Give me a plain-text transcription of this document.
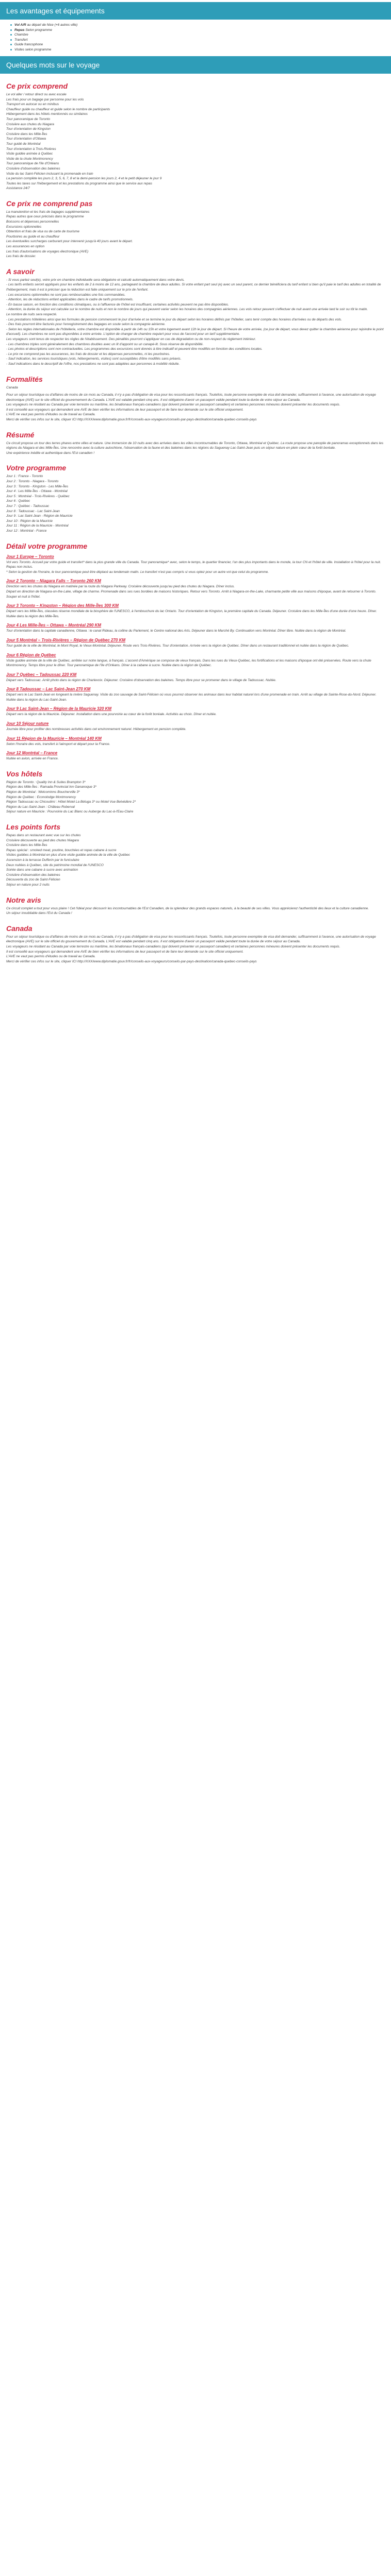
Les avantages et équipements
Vol A/R au départ de Nice (+6 autres ville)
Repas Selon programme
Chambre
Transfert
Guide francophone
Visites selon programme
Quelques mots sur le voyage
Ce prix comprend

Le vol aller / retour direct ou avec escale

Les frais pour un bagage par personne pour les vols

Transport en autocar ou en minibus

Chauffeur guide ou chauffeur et guide selon le nombre de participants

Hébergement dans les hôtels mentionnés ou similaires

Tour panoramique de Toronto

Croisière aux chutes du Niagara

Tour d'orientation de Kingston

Croisière dans les Mille-Îles

Tour d'orientation d'Ottawa

Tour guidé de Montréal

Tour d'orientation à Trois-Rivières

Visite guidée animée à Québec

Visite de la chute Montmorency

Tour panoramique de l'île d'Orléans

Croisière d'observation des baleines

Visite du lac Saint-Félicien inclusant la promenade en train

La pension complète les jours 2, 3, 5, 6, 7, 8 et la demi-pension les jours 2, 4 et le petit déjeuner le jour 9

Toutes les taxes sur l'hébergement et les prestations du programme ainsi que le service aux repas

Assistance 24/7

Ce prix ne comprend pas

La manutention et les frais de bagages supplémentaires

Repas autres que ceux précisés dans le programme

Boissons et dépenses personnelles

Excursions optionnelles

Obtention et frais de visa ou de carte de tourisme

Pourboires au guide et au chauffeur

Les éventuelles surcharges carburant pour intervenir jusqu'à 40 jours avant le départ.

Les assurances en option

Les frais d'autorisations de voyages électronique (AVE)

Les frais de dossier.

A savoir

- Si vous partez seul(e), votre prix en chambre individuelle sera obligatoire et calculé automatiquement dans votre devis.

- Les tarifs enfants seront appliqués pour les enfants de 2 à moins de 12 ans, partageant la chambre de deux adultes. Si votre enfant part seul (e) avec un seul parent, ce dernier bénéficiera du tarif enfant si bien qu'il paie le tarif des adultes en totalité de l'hébergement, mais il est à préciser que la réduction est faite uniquement sur le prix de l'enfant.

- Les excursions optionnelles ne sont pas remboursables une fois commandées.

- Attention, les de réductions enfant applicables dans le cadre de tarifs promotionnels.

- En basse saison, en fonction des conditions climatiques, ou à l'affluence de l'hôtel est insuffisant, certaines activités peuvent ne pas être disponibles.

- Attention, la durée du séjour est calculée sur le nombre de nuits et non le nombre de jours qui peuvent varier selon les horaires des compagnies aériennes. Les vols retour peuvent s'effectuer de nuit avant une arrivée tard le soir ou tôt le matin.

Le nombre de nuits sera respecté.

- Les prestations hôtelières ainsi que les formules de pension commencent le jour d'arrivée et se termine le jour du départ selon les horaires définis par l'hôtelier, sans tenir compte des horaires d'arrivées ou de départs des vols.

- Des frais pourront être facturés pour l'enregistrement des bagages en soute selon la compagnie aérienne.

- Selon les règles internationales de l'hôtellerie, votre chambre est disponible à partir de 14h ou 15h et votre logement avant 12h le jour de départ. Si l'heure de votre arrivée, (ce jour de départ, vous devez quitter la chambre aérienne pour rejoindre le point d'accueil). Les chambres ne sont pas disponibles à votre arrivée. L'option de changer de chambre requiert pour vous de l'accord pour un tarif supplémentaire.

Les voyageurs sont tenus de respecter les règles de l'établissement. Des pénalités pourront s'appliquer en cas de dégradation ou de non-respect du règlement intérieur.

- Les chambres triples sont généralement des chambres doubles avec un lit d'appoint ou un canapé-lit. Sous réserve de disponibilité.

- Les photos et descriptions sont non contractuelles. Les programmes des excursions sont donnés à titre indicatif et peuvent être modifiés en fonction des conditions locales.

- Le prix ne comprend pas les assurances, les frais de dossier et les dépenses personnelles, ni les pourboires.

- Sauf indication, les services touristiques (vols, hébergements, visites) sont susceptibles d'être modifiés sans préavis.

- Sauf indications dans le descriptif de l'offre, nos prestations ne sont pas adaptées aux personnes à mobilité réduite.

Formalités

Canada

Pour un séjour touristique ou d'affaires de moins de six mois au Canada, il n'y a pas d'obligation de visa pour les ressortissants français. Toutefois, toute personne exemptée de visa doit demander, suffisamment à l'avance, une autorisation de voyage électronique (AVE) sur le site officiel du gouvernement du Canada. L'AVE est valable pendant cinq ans. Il est obligatoire d'avoir un passeport valide pendant toute la durée de votre séjour au Canada.

Les voyageurs ne résidant au Canada par voie terrestre ou maritime, les binationaux français-canadiens (qui doivent présenter un passeport canadien) et certaines personnes mineures doivent présenter les documents requis.

Il est conseillé aux voyageurs qui demandent une AVE de bien vérifier les informations de leur passeport et de faire leur demande sur le site officiel uniquement.

L'AVE ne vaut pas permis d'études ou de travail au Canada.

Merci de vérifier ces infos sur le site, cliquer ICI http://XXX/www.diplomatie.gouv.fr/fr/conseils-aux-voyageurs/conseils-par-pays-destination/canada-quebec-conseils-pays

Résumé

Ce circuit propose un tour des terres phares entre villes et nature. Une immersion de 10 nuits avec des arrivées dans les villes incontournables de Toronto, Ottawa, Montréal et Québec. La route propose une panoplie de panoramas exceptionnels dans les régions du Niagara et des Mille-Îles. Une rencontre avec la culture autochtone, l'observation de la faune et des baleines dans les régions du Saguenay Lac-Saint-Jean puis un séjour nature en plein cœur de la forêt boréale.

Une expérience inédite et authentique dans l'Est canadien !

Votre programme

Jour 1 : France - Toronto

Jour 2 : Toronto - Niagara - Toronto

Jour 3 : Toronto - Kingston - Les Mille-Îles

Jour 4 : Les Mille-Îles - Ottawa - Montréal

Jour 5 : Montréal - Trois-Rivières - Québec

Jour 6 : Québec

Jour 7 : Québec - Tadoussac

Jour 8 : Tadoussac - Lac Saint-Jean

Jour 9 : Lac Saint-Jean - Région de Mauricie

Jour 10 : Région de la Mauricie

Jour 11 : Région de la Mauricie - Montréal

Jour 12 : Montréal - France

Détail votre programme
Jour 1 Europe – Toronto

Vol vers Toronto. Accueil par votre guide et transfert* dans la plus grande ville du Canada. Tour panoramique* avec, selon le temps, le quartier financier, l'un des plus importants dans le monde, la tour CN et l'hôtel de ville. Installation à l'hôtel pour la nuit. Repas non inclus.

* Selon la gestion de l'horaire, le tour panoramique peut être déplacé au lendemain matin. Le transfert n'est pas compris si vous optez pour un autre vol que celui du programme.

Jour 2 Toronto – Niagara Falls – Toronto 260 KM

Direction vers les chutes du Niagara en matinée par la route du Niagara Parkway. Croisière découverte jusqu'au pied des chutes du Niagara. Dîner inclus.

Départ en direction de Niagara-on-the-Lake, village de charme. Promenade dans ses rues bordées de maisons historiques. Retour vers Toronto. Arrêt à Niagara-on-the-Lake, charmante petite ville aux maisons d'époque, avant de retourner à Toronto. Souper et nuit à l'hôtel.

Jour 3 Toronto – Kingston – Région des Mille-Îles 300 KM

Départ vers les Mille-Îles, classées réserve mondiale de la biosphère de l'UNESCO, à l'embouchure du lac Ontario. Tour d'orientation de Kingston, la première capitale du Canada. Déjeuner. Croisière dans les Mille-Îles d'une durée d'une heure. Dîner. Nuitée dans la région des Mille-Îles.

Jour 4 Les Mille-Îles – Ottawa – Montréal 290 KM

Tour d'orientation dans la capitale canadienne, Ottawa : le canal Rideau, la colline du Parlement, le Centre national des Arts. Déjeuner dans le Marché By. Continuation vers Montréal. Dîner libre. Nuitée dans la région de Montréal.

Jour 5 Montréal – Trois-Rivières – Région de Québec 270 KM

Tour guidé de la ville de Montréal, le Mont Royal, le Vieux-Montréal. Déjeuner. Route vers Trois-Rivières. Tour d'orientation. Arrivée vers la région de Québec. Dîner dans un restaurant traditionnel et nuitée dans la région de Québec.

Jour 6 Région de Québec

Visite guidée animée de la ville de Québec, arrêtée sur notre langue, à français. L'accent d'Amérique se compose de vieux français. Dans les rues du Vieux-Québec, les fortifications et les maisons d'époque ont été préservées. Route vers la chute Montmorency. Temps libre pour le dîner. Tour panoramique de l'île d'Orléans. Dîner à la cabane à sucre. Nuitée dans la région de Québec.

Jour 7 Québec – Tadoussac 220 KM

Départ vers Tadoussac. Arrêt photo dans la région de Charlevoix. Déjeuner. Croisière d'observation des baleines. Temps libre pour se promener dans le village de Tadoussac. Nuitée.

Jour 8 Tadoussac – Lac Saint-Jean 270 KM

Départ vers le Lac Saint-Jean en longeant la rivière Saguenay. Visite du zoo sauvage de Saint-Félicien où vous pourrez observer les animaux dans leur habitat naturel lors d'une promenade en train. Arrêt au village de Sainte-Rose-du-Nord. Déjeuner. Nuitée dans la région du Lac-Saint-Jean.

Jour 9 Lac Saint-Jean – Région de la Mauricie 320 KM

Départ vers la région de la Mauricie. Déjeuner. Installation dans une pourvoirie au cœur de la forêt boréale. Activités au choix. Dîner et nuitée.

Jour 10 Séjour nature

Journée libre pour profiter des nombreuses activités dans cet environnement naturel. Hébergement en pension complète.

Jour 11 Région de la Mauricie – Montréal 140 KM

Selon l'horaire des vols, transfert à l'aéroport et départ pour la France.

Jour 12 Montréal – France

Nuitée en avion, arrivée en France.

Vos hôtels

Région de Toronto : Quality Inn & Suites Brampton 3*

Région des Mille-Îles : Ramada Provincial Inn Gananoque 3*

Région de Montréal : Welcominns Boucherville 3*

Région de Québec : Econolodge Montmorency

Région Tadoussac ou Chicoutimi : Hôtel Motel La Béluga 3* ou Motel Vue Belvédère 2*

Région du Lac-Saint-Jean : Château Roberval

Séjour nature en Mauricie : Pourvoirie du Lac Blanc ou Auberge du Lac-à-l'Eau-Claire

Les points forts

Repas dans un restaurant avec vue sur les chutes

Croisière découverte au pied des chutes Niagara

Croisière dans les Mille-Îles

Repas spécial : smoked meat, poutine, bouchées et repas cabane à sucre

Visites guidées à Montréal en plus d'une visite guidée animée de la ville de Québec

Ascension à la terrasse Dufferin par le funiculaire

Deux nuitées à Québec, site du patrimoine mondial de l'UNESCO

Soirée dans une cabane à sucre avec animation

Croisière d'observation des baleines

Découverte du zoo de Saint-Félicien

Séjour en nature pour 2 nuits

Notre avis

Ce circuit complet a tout pour vous plaire ! Cet l'idéal pour découvrir les incontournables de l'Est Canadien, de la splendeur des grands espaces naturels, à la beauté de ses villes. Vous apprécierez l'authenticité des lieux et la culture canadienne.

Un séjour inoubliable dans l'Est du Canada !

Canada

Pour un séjour touristique ou d'affaires de moins de six mois au Canada, il n'y a pas d'obligation de visa pour les ressortissants français. Toutefois, toute personne exemptée de visa doit demander, suffisamment à l'avance, une autorisation de voyage électronique (AVE) sur le site officiel du gouvernement du Canada. L'AVE est valable pendant cinq ans. Il est obligatoire d'avoir un passeport valide pendant toute la durée de votre séjour au Canada.

Les voyageurs ne résidant au Canada par voie terrestre ou maritime, les binationaux français-canadiens (qui doivent présenter un passeport canadien) et certaines personnes mineures doivent présenter les documents requis.

Il est conseillé aux voyageurs qui demandent une AVE de bien vérifier les informations de leur passeport et de faire leur demande sur le site officiel uniquement.

L'AVE ne vaut pas permis d'études ou de travail au Canada.

Merci de vérifier ces infos sur le site, cliquer ICI http://XXX/www.diplomatie.gouv.fr/fr/conseils-aux-voyageurs/conseils-par-pays-destination/canada-quebec-conseils-pays
